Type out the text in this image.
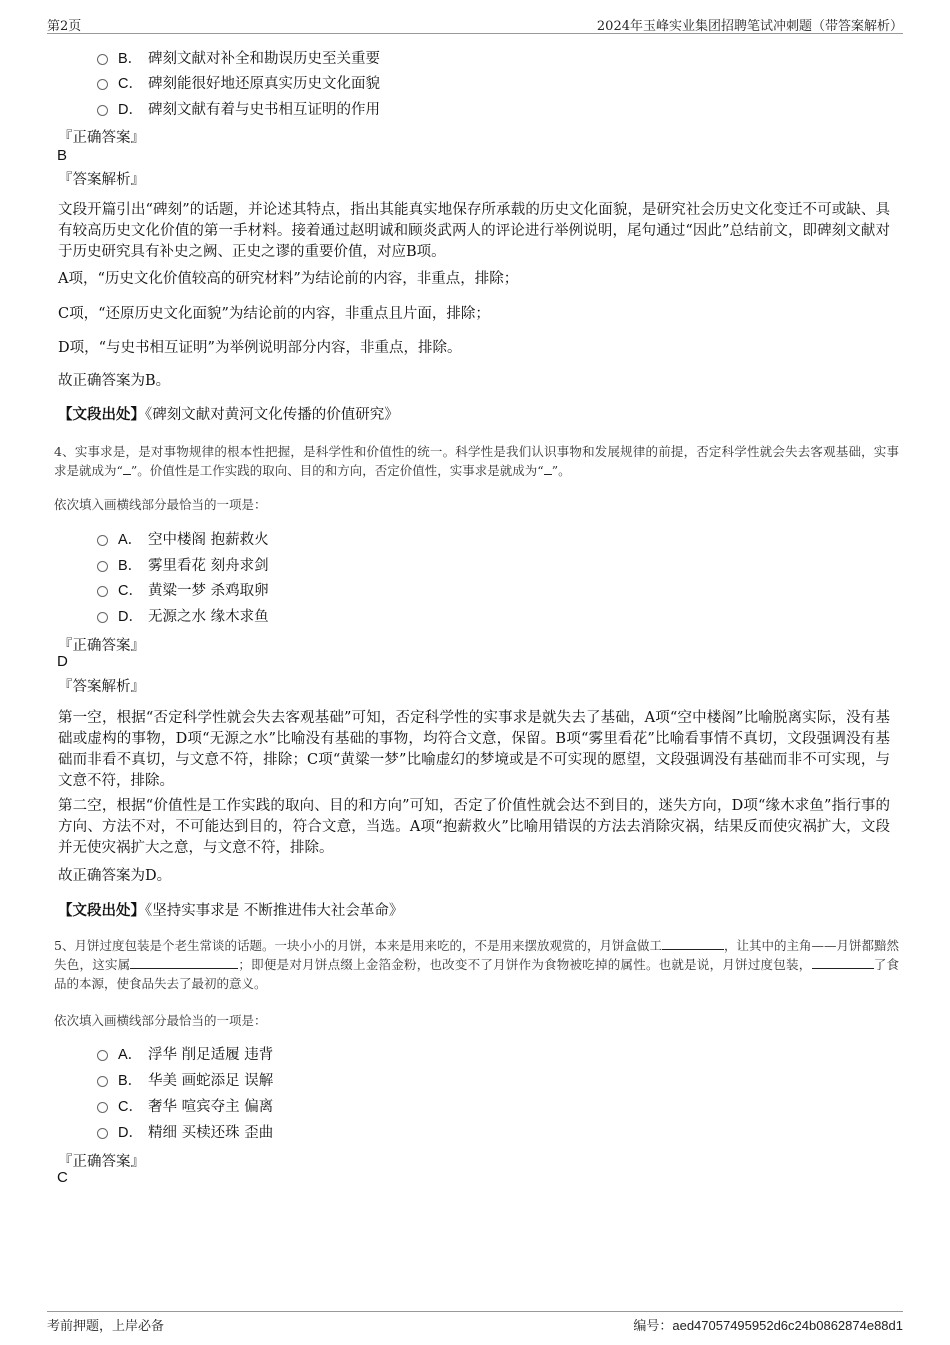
第2页	2024年玉峰实业集团招聘笔试冲刺题（带答案解析）
B． 碑刻文献对补全和勘误历史至关重要
C． 碑刻能很好地还原真实历史文化面貌
D． 碑刻文献有着与史书相互证明的作用
『正确答案』
B
『答案解析』
文段开篇引出“碑刻”的话题，并论述其特点，指出其能真实地保存所承载的历史文化面貌，是研究社会历史文化变迁不可或缺、具有较高历史文化价值的第一手材料。接着通过赵明诚和顾炎武两人的评论进行举例说明，尾句通过“因此”总结前文，即碑刻文献对于历史研究具有补史之阙、正史之谬的重要价值，对应B项。
A项，“历史文化价值较高的研究材料”为结论前的内容，非重点，排除；
C项，“还原历史文化面貌”为结论前的内容，非重点且片面，排除；
D项，“与史书相互证明”为举例说明部分内容，非重点，排除。
故正确答案为B。
【文段出处】《碑刻文献对黄河文化传播的价值研究》
4、实事求是，是对事物规律的根本性把握，是科学性和价值性的统一。科学性是我们认识事物和发展规律的前提，否定科学性就会失去客观基础，实事求是就成为“ ”。价值性是工作实践的取向、目的和方向，否定价值性，实事求是就成为“ ”。
依次填入画横线部分最恰当的一项是：
A． 空中楼阁 抱薪救火
B． 雾里看花 刻舟求剑
C． 黄粱一梦 杀鸡取卵
D． 无源之水 缘木求鱼
『正确答案』
D
『答案解析』
第一空，根据“否定科学性就会失去客观基础”可知，否定科学性的实事求是就失去了基础，A项“空中楼阁”比喻脱离实际，没有基础或虚构的事物，D项“无源之水”比喻没有基础的事物，均符合文意，保留。B项“雾里看花”比喻看事情不真切，文段强调没有基础而非看不真切，与文意不符，排除；C项“黄粱一梦”比喻虚幻的梦境或是不可实现的愿望，文段强调没有基础而非不可实现，与文意不符，排除。
第二空，根据“价值性是工作实践的取向、目的和方向”可知，否定了价值性就会达不到目的，迷失方向，D项“缘木求鱼”指行事的方向、方法不对，不可能达到目的，符合文意，当选。A项“抱薪救火”比喻用错误的方法去消除灾祸，结果反而使灾祸扩大，文段并无使灾祸扩大之意，与文意不符，排除。
故正确答案为D。
【文段出处】《坚持实事求是 不断推进伟大社会革命》
5、月饼过度包装是个老生常谈的话题。一块小小的月饼，本来是用来吃的，不是用来摆放观赏的，月饼盒做工	，让其中的主角——月饼都黯然失色，这实属	；即便是对月饼点缀上金箔金粉，也改变不了月饼作为食物被吃掉的属性。也就是说，月饼过度包装，	了食品的本源，使食品失去了最初的意义。
依次填入画横线部分最恰当的一项是：
A． 浮华 削足适履 违背
B． 华美 画蛇添足 误解
C． 奢华 喧宾夺主 偏离
D． 精细 买椟还珠 歪曲
『正确答案』
C
考前押题，上岸必备	编号：aed47057495952d6c24b0862874e88d1
